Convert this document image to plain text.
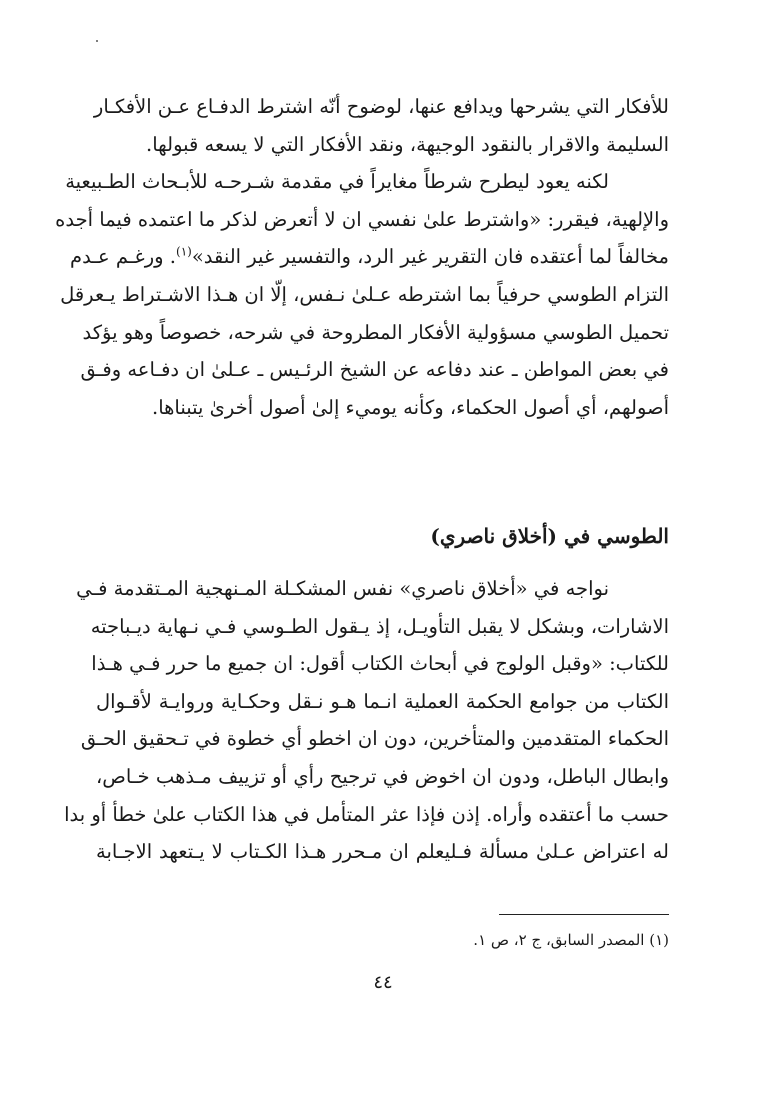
للأفكار التي يشرحها ويدافع عنها، لوضوح أنّه اشترط الدفـاع عـن الأفكـار
السليمة والاقرار بالنقود الوجيهة، ونقد الأفكار التي لا يسعه قبولها.
لكنه يعود ليطرح شرطاً مغايراً في مقدمة شـرحـه للأبـحاث الطـبيعية
والإلهية، فيقرر: «واشترط علىٰ نفسي ان لا أتعرض لذكر ما اعتمده فيما أجده
مخالفاً لما أعتقده فان التقرير غير الرد، والتفسير غير النقد»$^{(١)}$. ورغـم عـدم
التزام الطوسي حرفياً بما اشترطه عـلىٰ نـفس، إلّا ان هـذا الاشـتراط يـعرقل
تحميل الطوسي مسؤولية الأفكار المطروحة في شرحه، خصوصاً وهو يؤكد
في بعض المواطن ـ عند دفاعه عن الشيخ الرئـيس ـ عـلىٰ ان دفـاعه وفـق
أصولهم، أي أصول الحكماء، وكأنه يوميء إلىٰ أصول أخرىٰ يتبناها.
الطوسي في (أخلاق ناصري)
نواجه في «أخلاق ناصري» نفس المشكـلة المـنهجية المـتقدمة فـي
الاشارات، وبشكل لا يقبل التأويـل، إذ يـقول الطـوسي فـي نـهاية ديـباجته
للكتاب: «وقبل الولوج في أبحاث الكتاب أقول: ان جميع ما حرر فـي هـذا
الكتاب من جوامع الحكمة العملية انـما هـو نـقل وحكـاية وروايـة لأقـوال
الحكماء المتقدمين والمتأخرين، دون ان اخطو أي خطوة في تـحقيق الحـق
وابطال الباطل، ودون ان اخوض في ترجيح رأي أو تزييف مـذهب خـاص،
حسب ما أعتقده وأراه. إذن فإذا عثر المتأمل في هذا الكتاب علىٰ خطأ أو بدا
له اعتراض عـلىٰ مسألة فـليعلم ان مـحرر هـذا الكـتاب لا يـتعهد الاجـابة

(١) المصدر السابق، ج ٢، ص ١.

٤٤
